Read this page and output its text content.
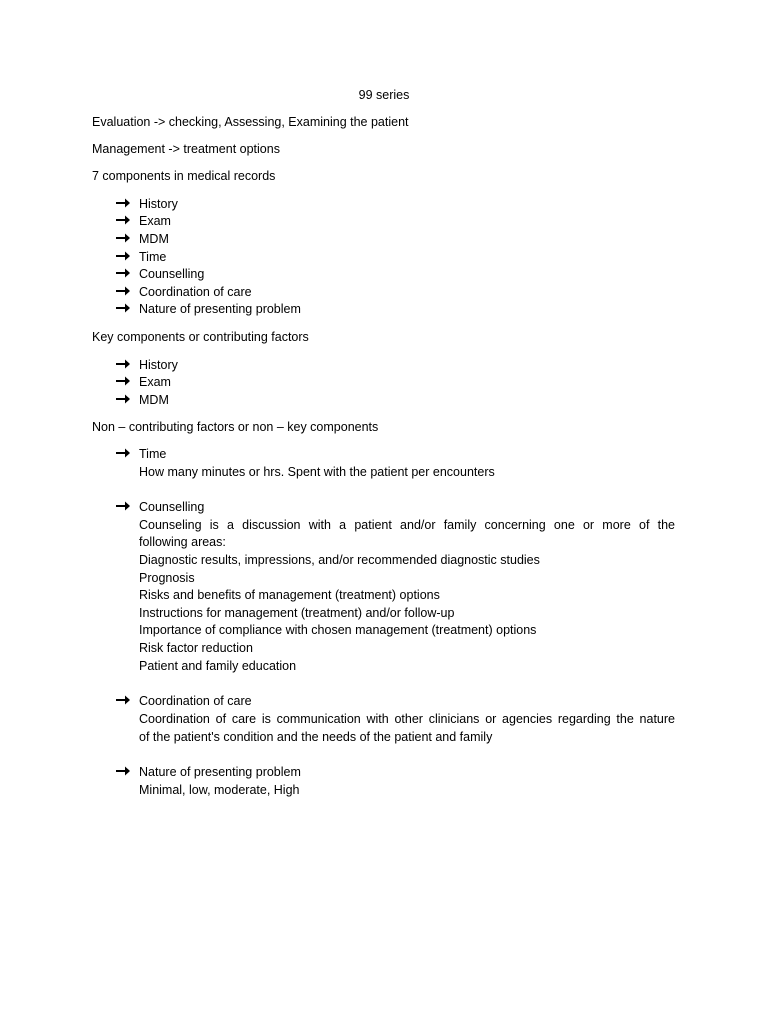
99 series
Evaluation -> checking, Assessing, Examining the patient
Management -> treatment options
7 components in medical records
History
Exam
MDM
Time
Counselling
Coordination of care
Nature of presenting problem
Key components or contributing factors
History
Exam
MDM
Non – contributing factors or non – key components
Time
How many minutes or hrs. Spent with the patient per encounters
Counselling
Counseling is a discussion with a patient and/or family concerning one or more of the
following areas:
Diagnostic results, impressions, and/or recommended diagnostic studies
Prognosis
Risks and benefits of management (treatment) options
Instructions for management (treatment) and/or follow-up
Importance of compliance with chosen management (treatment) options
Risk factor reduction
Patient and family education
Coordination of care
Coordination of care is communication with other clinicians or agencies regarding the nature
of the patient's condition and the needs of the patient and family
Nature of presenting problem
Minimal, low, moderate, High
